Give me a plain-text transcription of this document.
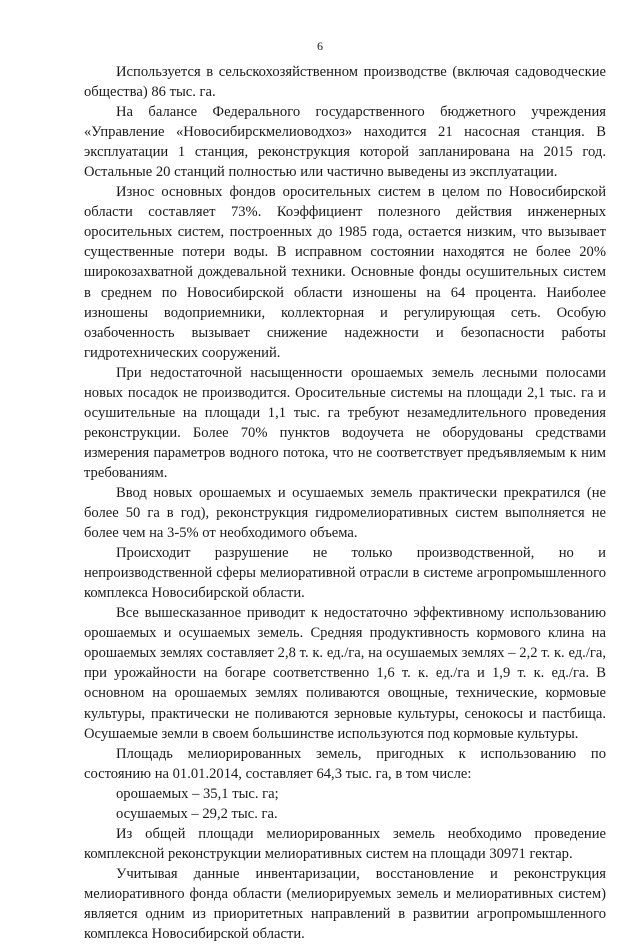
6

Используется в сельскохозяйственном производстве (включая садоводческие общества) 86 тыс. га.

На балансе Федерального государственного бюджетного учреждения «Управление «Новосибирскмелиоводхоз» находится 21 насосная станция. В эксплуатации 1 станция, реконструкция которой запланирована на 2015 год. Остальные 20 станций полностью или частично выведены из эксплуатации.

Износ основных фондов оросительных систем в целом по Новосибирской области составляет 73%. Коэффициент полезного действия инженерных оросительных систем, построенных до 1985 года, остается низким, что вызывает существенные потери воды. В исправном состоянии находятся не более 20% широкозахватной дождевальной техники. Основные фонды осушительных систем в среднем по Новосибирской области изношены на 64 процента. Наиболее изношены водоприемники, коллекторная и регулирующая сеть. Особую озабоченность вызывает снижение надежности и безопасности работы гидротехнических сооружений.

При недостаточной насыщенности орошаемых земель лесными полосами новых посадок не производится. Оросительные системы на площади 2,1 тыс. га и осушительные на площади 1,1 тыс. га требуют незамедлительного проведения реконструкции. Более 70% пунктов водоучета не оборудованы средствами измерения параметров водного потока, что не соответствует предъявляемым к ним требованиям.

Ввод новых орошаемых и осушаемых земель практически прекратился (не более 50 га в год), реконструкция гидромелиоративных систем выполняется не более чем на 3-5% от необходимого объема.

Происходит разрушение не только производственной, но и непроизводственной сферы мелиоративной отрасли в системе агропромышленного комплекса Новосибирской области.

Все вышесказанное приводит к недостаточно эффективному использованию орошаемых и осушаемых земель. Средняя продуктивность кормового клина на орошаемых землях составляет 2,8 т. к. ед./га, на осушаемых землях – 2,2 т. к. ед./га, при урожайности на богаре соответственно 1,6 т. к. ед./га и 1,9 т. к. ед./га. В основном на орошаемых землях поливаются овощные, технические, кормовые культуры, практически не поливаются зерновые культуры, сенокосы и пастбища. Осушаемые земли в своем большинстве используются под кормовые культуры.

Площадь мелиорированных земель, пригодных к использованию по состоянию на 01.01.2014, составляет 64,3 тыс. га, в том числе:

орошаемых – 35,1 тыс. га;

осушаемых – 29,2 тыс. га.

Из общей площади мелиорированных земель необходимо проведение комплексной реконструкции мелиоративных систем на площади 30971 гектар.

Учитывая данные инвентаризации, восстановление и реконструкция мелиоративного фонда области (мелиорируемых земель и мелиоративных систем) является одним из приоритетных направлений в развитии агропромышленного комплекса Новосибирской области.
